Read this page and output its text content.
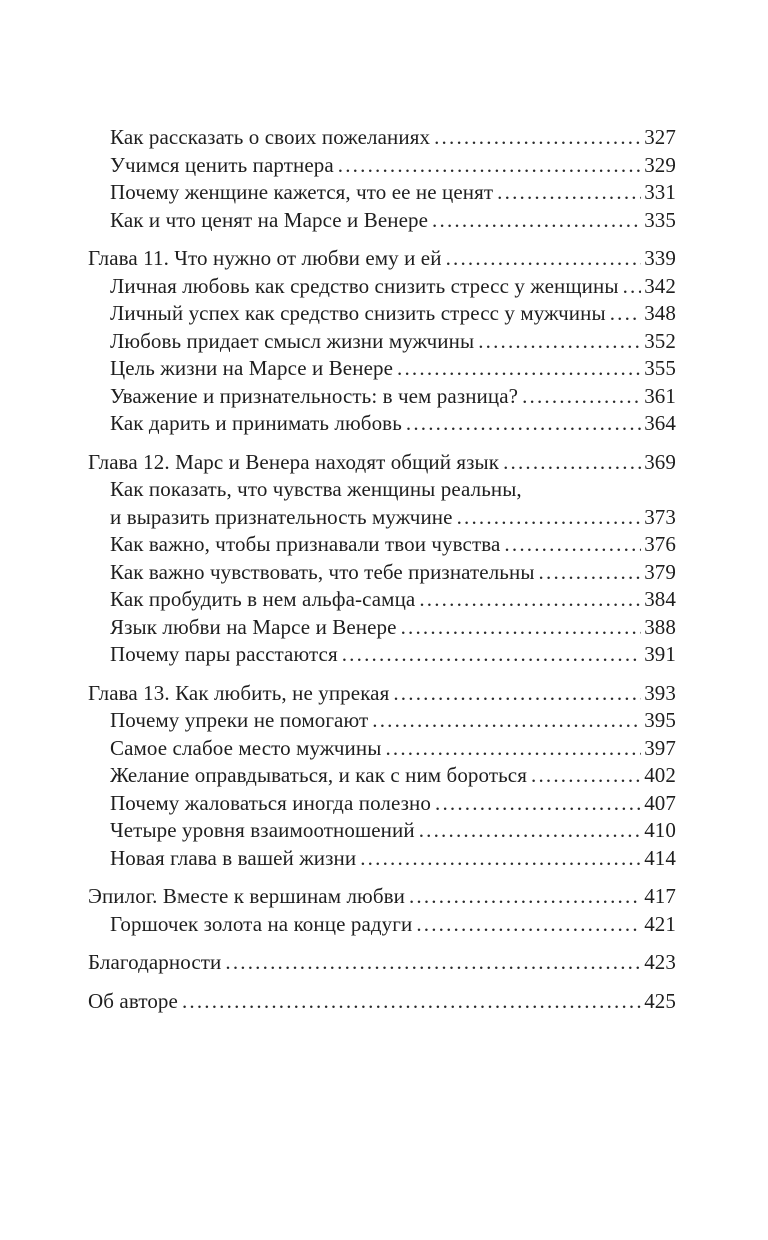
Как рассказать о своих пожеланиях .....	327
Учимся ценить партнера .....	329
Почему женщине кажется, что ее не ценят .....	331
Как и что ценят на Марсе и Венере .....	335
Глава 11. Что нужно от любви ему и ей .....	339
Личная любовь как средство снизить стресс у женщины ..... 342
Личный успех как средство снизить стресс у мужчины ..... 348
Любовь придает смысл жизни мужчины .....	352
Цель жизни на Марсе и Венере .....	355
Уважение и признательность: в чем разница? .....	361
Как дарить и принимать любовь .....	364
Глава 12. Марс и Венера находят общий язык .....	369
Как показать, что чувства женщины реальны,
и выразить признательность мужчине .....	373
Как важно, чтобы признавали твои чувства .....	376
Как важно чувствовать, что тебе признательны .....	379
Как пробудить в нем альфа-самца .....	384
Язык любви на Марсе и Венере .....	388
Почему пары расстаются .....	391
Глава 13. Как любить, не упрекая .....	393
Почему упреки не помогают .....	395
Самое слабое место мужчины .....	397
Желание оправдываться, и как с ним бороться .....	402
Почему жаловаться иногда полезно .....	407
Четыре уровня взаимоотношений .....	410
Новая глава в вашей жизни .....	414
Эпилог. Вместе к вершинам любви .....	417
Горшочек золота на конце радуги .....	421
Благодарности .....	423
Об авторе .....	425
